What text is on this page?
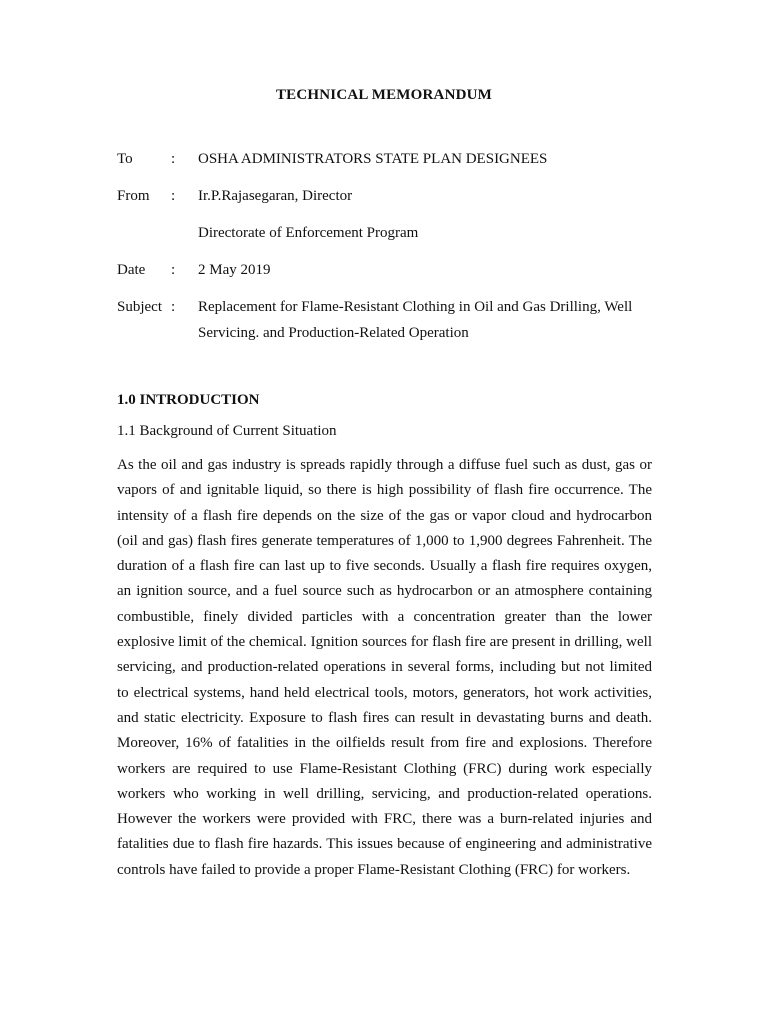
TECHNICAL MEMORANDUM
To	: OSHA ADMINISTRATORS STATE PLAN DESIGNEES
From	: Ir.P.Rajasegaran, Director
Directorate of Enforcement Program
Date	: 2 May 2019
Subject : Replacement for Flame-Resistant Clothing in Oil and Gas Drilling, Well Servicing. and Production-Related Operation
1.0 INTRODUCTION
1.1 Background of Current Situation

As the oil and gas industry is spreads rapidly through a diffuse fuel such as dust, gas or vapors of and ignitable liquid, so there is high possibility of flash fire occurrence. The intensity of a flash fire depends on the size of the gas or vapor cloud and hydrocarbon (oil and gas) flash fires generate temperatures of 1,000 to 1,900 degrees Fahrenheit. The duration of a flash fire can last up to five seconds. Usually a flash fire requires oxygen, an ignition source, and a fuel source such as hydrocarbon or an atmosphere containing combustible, finely divided particles with a concentration greater than the lower explosive limit of the chemical. Ignition sources for flash fire are present in drilling, well servicing, and production-related operations in several forms, including but not limited to electrical systems, hand held electrical tools, motors, generators, hot work activities, and static electricity. Exposure to flash fires can result in devastating burns and death. Moreover, 16% of fatalities in the oilfields result from fire and explosions. Therefore workers are required to use Flame-Resistant Clothing (FRC) during work especially workers who working in well drilling, servicing, and production-related operations. However the workers were provided with FRC, there was a burn-related injuries and fatalities due to flash fire hazards. This issues because of engineering and administrative controls have failed to provide a proper Flame-Resistant Clothing (FRC) for workers.
